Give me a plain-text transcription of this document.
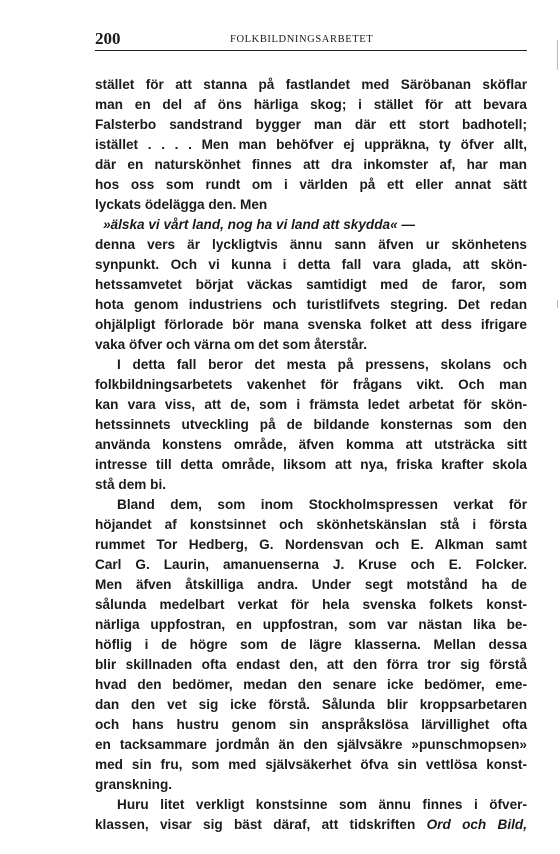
200	FOLKBILDNINGSARBETET
stället för att stanna på fastlandet med Säröbanan sköflar
man en del af öns härliga skog; i stället för att bevara
Falsterbo sandstrand bygger man där ett stort badhotell;
istället . . . . Men man behöfver ej uppräkna, ty öfver allt,
där en naturskönhet finnes att dra inkomster af, har man
hos oss som rundt om i världen på ett eller annat sätt
lyckats ödelägga den. Men
»älska vi vårt land, nog ha vi land att skydda« —
denna vers är lyckligtvis ännu sann äfven ur skönhetens
synpunkt. Och vi kunna i detta fall vara glada, att skön-
hetssamvetet börjat väckas samtidigt med de faror, som
hota genom industriens och turistlifvets stegring. Det redan
ohjälpligt förlorade bör mana svenska folket att dess ifrigare
vaka öfver och värna om det som återstår.
I detta fall beror det mesta på pressens, skolans och
folkbildningsarbetets vakenhet för frågans vikt. Och man
kan vara viss, att de, som i främsta ledet arbetat för skön-
hetssinnets utveckling på de bildande konsternas som den
använda konstens område, äfven komma att utsträcka sitt
intresse till detta område, liksom att nya, friska krafter skola
stå dem bi.
Bland dem, som inom Stockholmspressen verkat för
höjandet af konstsinnet och skönhetskänslan stå i första
rummet Tor Hedberg, G. Nordensvan och E. Alkman samt
Carl G. Laurin, amanuenserna J. Kruse och E. Folcker.
Men äfven åtskilliga andra. Under segt motstånd ha de
sålunda medelbart verkat för hela svenska folkets konst-
närliga uppfostran, en uppfostran, som var nästan lika be-
höflig i de högre som de lägre klasserna. Mellan dessa
blir skillnaden ofta endast den, att den förra tror sig förstå
hvad den bedömer, medan den senare icke bedömer, eme-
dan den vet sig icke förstå. Sålunda blir kroppsarbetaren
och hans hustru genom sin anspråkslösa lärvillighet ofta
en tacksammare jordmån än den självsäkre »punschmopsen»
med sin fru, som med självsäkerhet öfva sin vettlösa konst-
granskning.
Huru litet verkligt konstsinne som ännu finnes i öfver-
klassen, visar sig bäst däraf, att tidskriften Ord och Bild,
